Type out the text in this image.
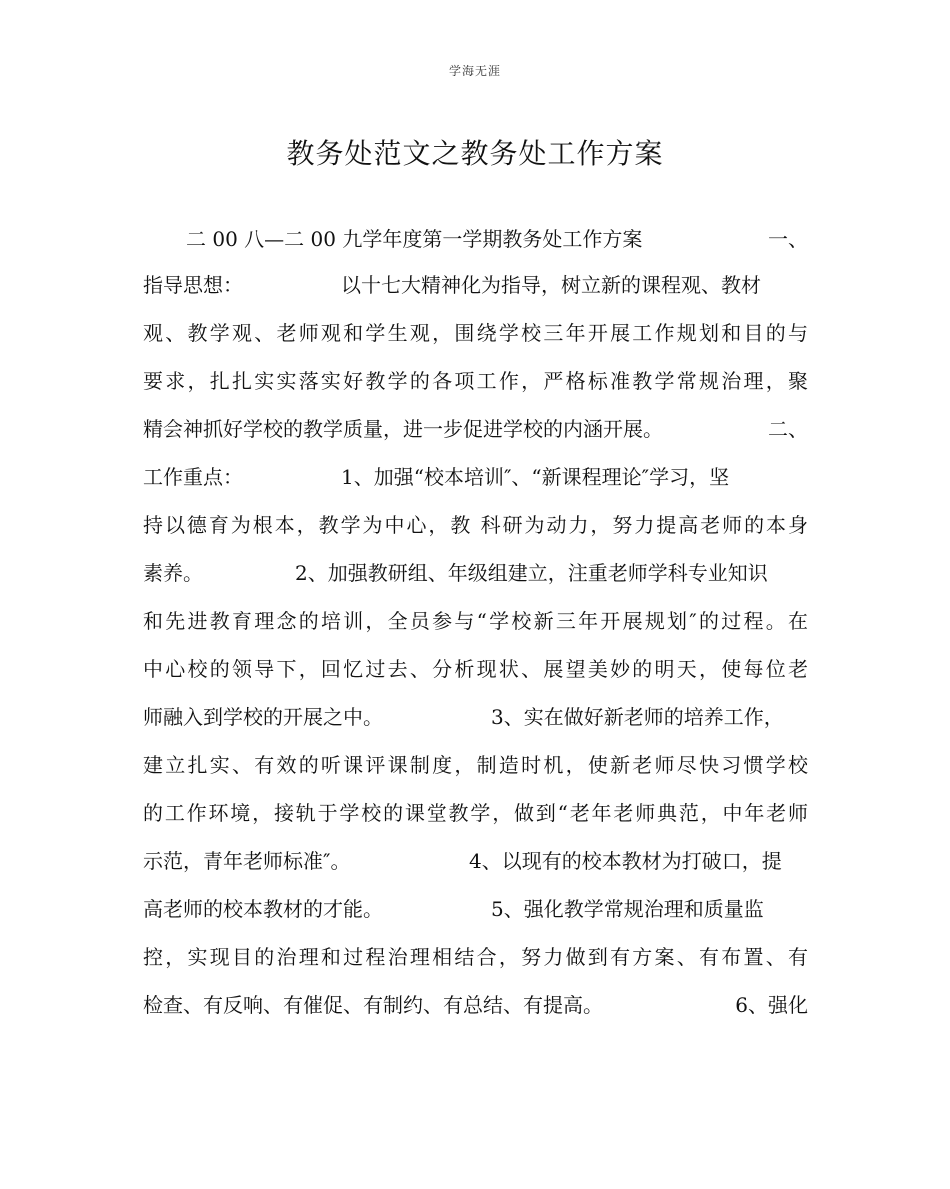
学海无涯
教务处范文之教务处工作方案
二 00 八—二 00 九学年度第一学期教务处工作方案	一、
指导思想：	以十七大精神化为指导，树立新的课程观、教材
观、教学观、老师观和学生观，围绕学校三年开展工作规划和目的与
要求，扎扎实实落实好教学的各项工作，严格标准教学常规治理，聚
精会神抓好学校的教学质量，进一步促进学校的内涵开展。	二、
工作重点：	1、加强“校本培训″、“新课程理论″学习，坚
持以德育为根本，教学为中心，教 科研为动力，努力提高老师的本身
素养。	2、加强教研组、年级组建立，注重老师学科专业知识
和先进教育理念的培训，全员参与“学校新三年开展规划″的过程。在
中心校的领导下，回忆过去、分析现状、展望美妙的明天，使每位老
师融入到学校的开展之中。	3、实在做好新老师的培养工作，
建立扎实、有效的听课评课制度，制造时机，使新老师尽快习惯学校
的工作环境，接轨于学校的课堂教学，做到“老年老师典范，中年老师
示范，青年老师标准″。	4、以现有的校本教材为打破口，提
高老师的校本教材的才能。	5、强化教学常规治理和质量监
控，实现目的治理和过程治理相结合，努力做到有方案、有布置、有
检查、有反响、有催促、有制约、有总结、有提高。	6、强化
